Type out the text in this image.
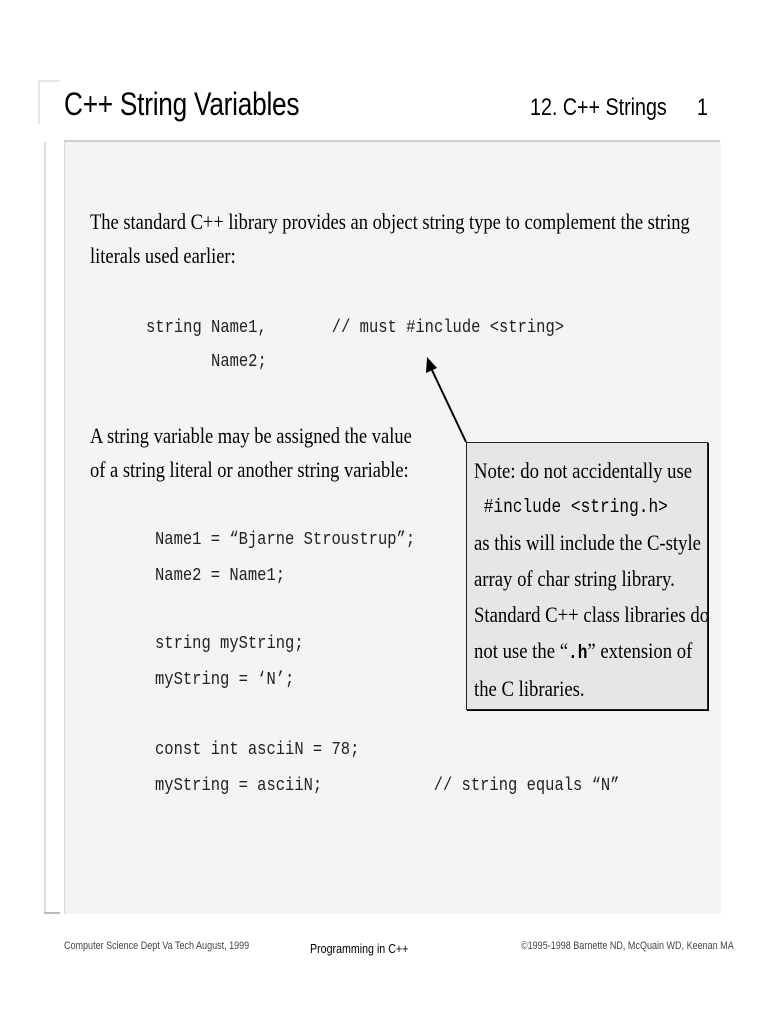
C++ String Variables	12. C++ Strings 1
The standard C++ library provides an object string type to complement the string
literals used earlier:
string Name1,       // must #include <string>
Name2;
A string variable may be assigned the value
of a string literal or another string variable:
Name1 = “Bjarne Stroustrup”;
Name2 = Name1;
string myString;
myString = ‘N’;
const int asciiN = 78;
myString = asciiN;            // string equals “N”
Note: do not accidentally use
#include <string.h>
as this will include the C-style
array of char string library.
Standard C++ class libraries do
not use the “.h” extension of
the C libraries.
Computer Science Dept Va Tech August, 1999	Programming in C++	©1995-1998 Barnette ND, McQuain WD, Keenan MA
